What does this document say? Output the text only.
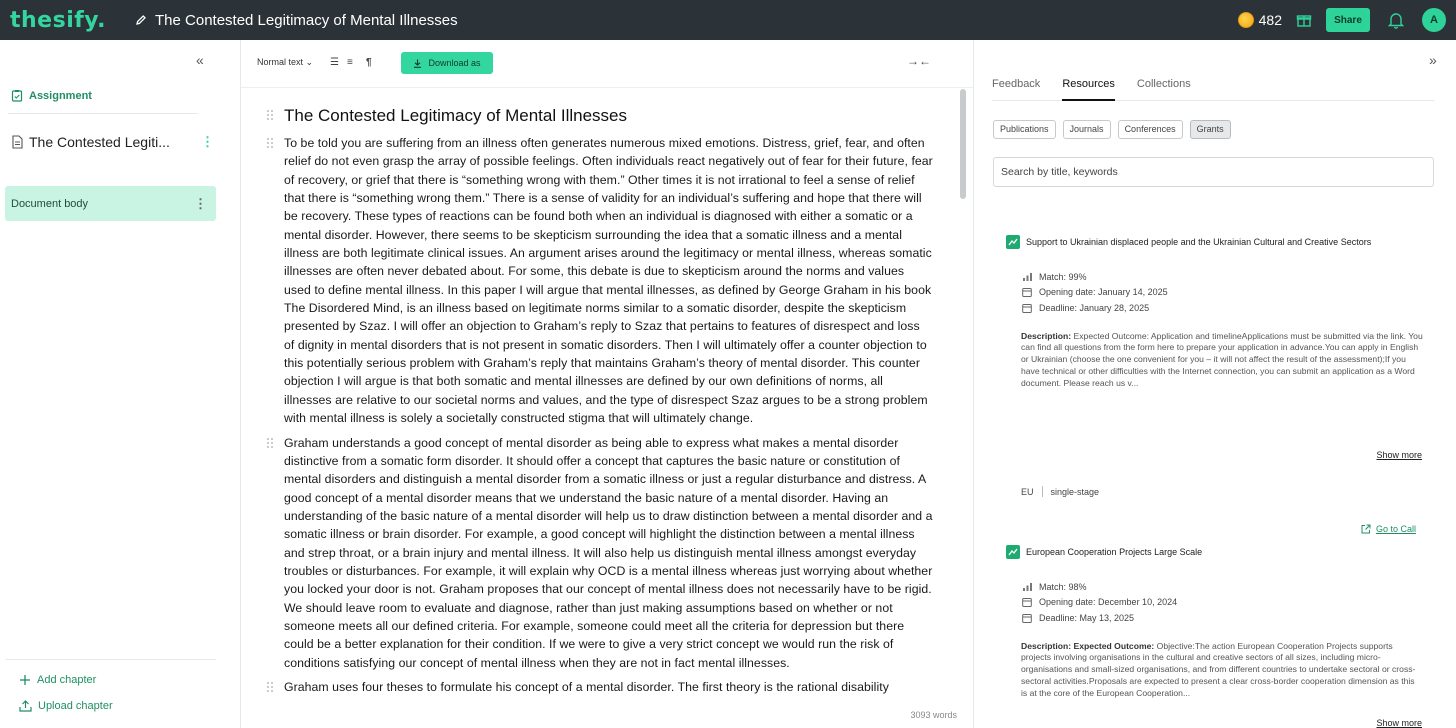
thesify.	The Contested Legitimacy of Mental Illnesses	482	Share	A
«
Assignment
The Contested Legiti...	⋮
Document body	⋮
Add chapter
Upload chapter
Normal text ⌄ ☰ ≡ ¶	Download as	→←
The Contested Legitimacy of Mental Illnesses

To be told you are suffering from an illness often generates numerous mixed emotions. Distress, grief, fear, and often relief do not even grasp the array of possible feelings. Often individuals react negatively out of fear for their future, fear of recovery, or grief that there is “something wrong with them.” Other times it is not irrational to feel a sense of relief that there is “something wrong them.” There is a sense of validity for an individual’s suffering and hope that there will be recovery. These types of reactions can be found both when an individual is diagnosed with either a somatic or a mental disorder. However, there seems to be skepticism surrounding the idea that a somatic illness and a mental illness are both legitimate clinical issues. An argument arises around the legitimacy or mental illness, whereas somatic illnesses are often never debated about. For some, this debate is due to skepticism around the norms and values used to define mental illness. In this paper I will argue that mental illnesses, as defined by George Graham in his book The Disordered Mind, is an illness based on legitimate norms similar to a somatic disorder, despite the skepticism presented by Szaz. I will offer an objection to Graham’s reply to Szaz that pertains to features of disrespect and loss of dignity in mental disorders that is not present in somatic disorders. Then I will ultimately offer a counter objection to this potentially serious problem with Graham’s reply that maintains Graham’s theory of mental disorder. This counter objection I will argue is that both somatic and mental illnesses are defined by our own definitions of norms, all illnesses are relative to our societal norms and values, and the type of disrespect Szaz argues to be a strong problem with mental illness is solely a societally constructed stigma that will ultimately change.

Graham understands a good concept of mental disorder as being able to express what makes a mental disorder distinctive from a somatic form disorder. It should offer a concept that captures the basic nature or constitution of mental disorders and distinguish a mental disorder from a somatic illness or just a regular disturbance and distress. A good concept of a mental disorder means that we understand the basic nature of a mental disorder. Having an understanding of the basic nature of a mental disorder will help us to draw distinction between a mental disorder and a somatic illness or brain disorder. For example, a good concept will highlight the distinction between a mental illness and strep throat, or a brain injury and mental illness. It will also help us distinguish mental illness amongst everyday troubles or disturbances. For example, it will explain why OCD is a mental illness whereas just worrying about whether you locked your door is not. Graham proposes that our concept of mental illness does not necessarily have to be rigid. We should leave room to evaluate and diagnose, rather than just making assumptions based on whether or not someone meets all our defined criteria. For example, someone could meet all the criteria for depression but there could be a better explanation for their condition. If we were to give a very strict concept we would run the risk of conditions satisfying our concept of mental illness when they are not in fact mental illnesses.

Graham uses four theses to formulate his concept of a mental disorder. The first theory is the rational disability

3093 words
»
Feedback Resources Collections
Publications	Journals	Conferences	Grants
Search by title, keywords
Support to Ukrainian displaced people and the Ukrainian Cultural and Creative Sectors
Match: 99%
Opening date: January 14, 2025
Deadline: January 28, 2025
Description: Expected Outcome: Application and timelineApplications must be submitted via the link. You can find all questions from the form here to prepare your application in advance.You can apply in English or Ukrainian (choose the one convenient for you – it will not affect the result of the assessment);If you have technical or other difficulties with the Internet connection, you can submit an application as a Word document. Please reach us v...
Show more
EU single-stage
Go to Call
European Cooperation Projects Large Scale
Match: 98%
Opening date: December 10, 2024
Deadline: May 13, 2025
Description: Expected Outcome: Objective:The action European Cooperation Projects supports projects involving organisations in the cultural and creative sectors of all sizes, including micro-organisations and small-sized organisations, and from different countries to undertake sectoral or cross-sectoral activities.Proposals are expected to present a clear cross-border cooperation dimension as this is at the core of the European Cooperation...
Show more
